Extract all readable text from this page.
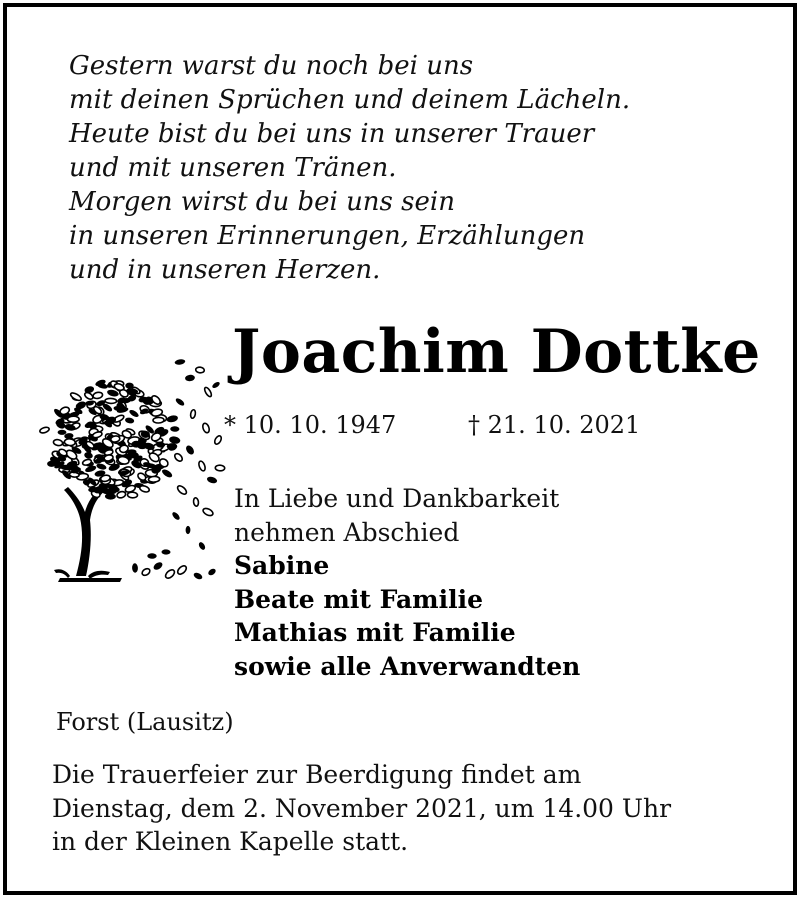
Gestern warst du noch bei uns
mit deinen Sprüchen und deinem Lächeln.
Heute bist du bei uns in unserer Trauer
und mit unseren Tränen.
Morgen wirst du bei uns sein
in unseren Erinnerungen, Erzählungen
und in unseren Herzen.
Joachim Dottke
* 10. 10. 1947	† 21. 10. 2021
In Liebe und Dankbarkeit
nehmen Abschied
Sabine
Beate mit Familie
Mathias mit Familie
sowie alle Anverwandten
Forst (Lausitz)
Die Trauerfeier zur Beerdigung findet am
Dienstag, dem 2. November 2021, um 14.00 Uhr
in der Kleinen Kapelle statt.
